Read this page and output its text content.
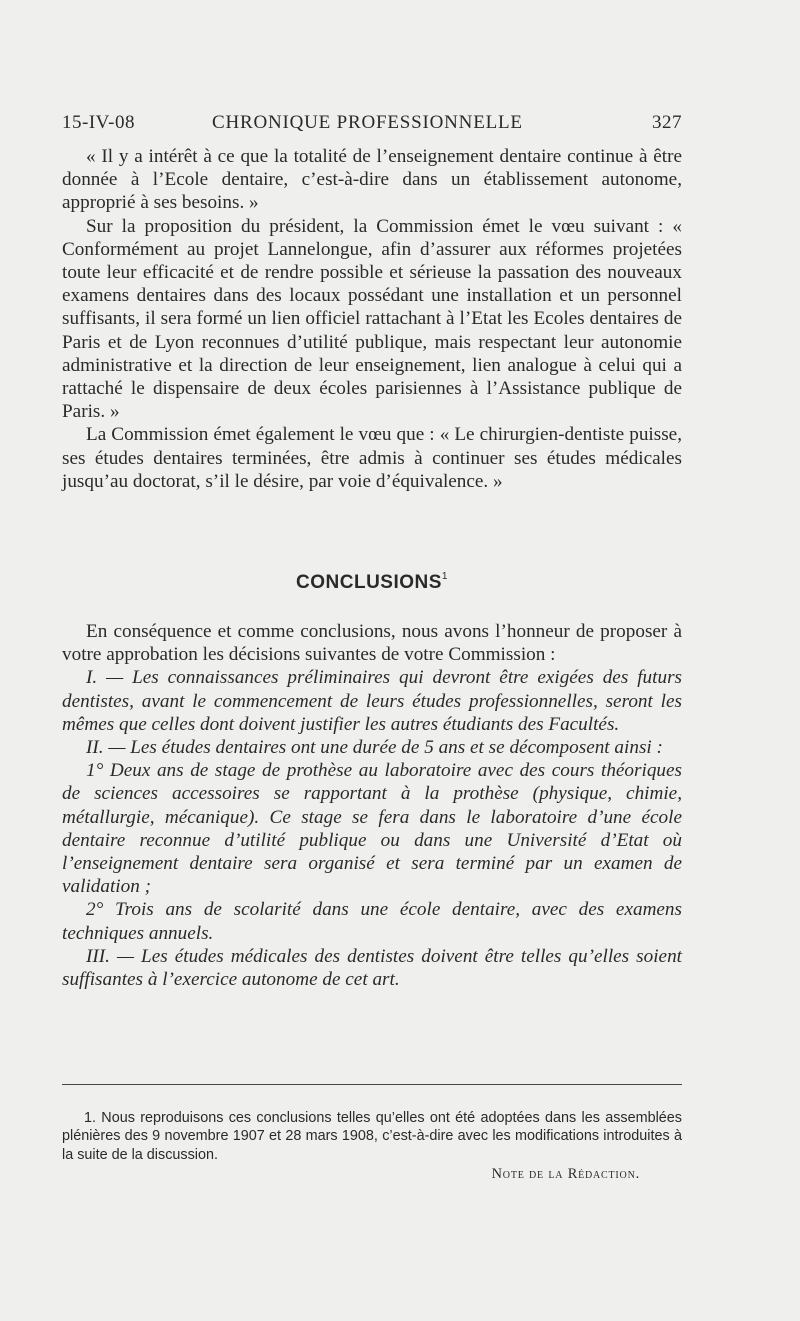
15-IV-08	CHRONIQUE PROFESSIONNELLE	327

« Il y a intérêt à ce que la totalité de l’enseignement dentaire continue à être donnée à l’Ecole dentaire, c’est-à-dire dans un établissement autonome, approprié à ses besoins. »

Sur la proposition du président, la Commission émet le vœu suivant : « Conformément au projet Lannelongue, afin d’assurer aux réformes projetées toute leur efficacité et de rendre possible et sérieuse la passation des nouveaux examens dentaires dans des locaux possédant une installation et un personnel suffisants, il sera formé un lien officiel rattachant à l’Etat les Ecoles dentaires de Paris et de Lyon reconnues d’utilité publique, mais respectant leur autonomie administrative et la direction de leur enseignement, lien analogue à celui qui a rattaché le dispensaire de deux écoles parisiennes à l’Assistance publique de Paris. »

La Commission émet également le vœu que : « Le chirurgien-dentiste puisse, ses études dentaires terminées, être admis à continuer ses études médicales jusqu’au doctorat, s’il le désire, par voie d’équivalence. »

CONCLUSIONS$^1$

En conséquence et comme conclusions, nous avons l’honneur de proposer à votre approbation les décisions suivantes de votre Commission :

I. — Les connaissances préliminaires qui devront être exigées des futurs dentistes, avant le commencement de leurs études professionnelles, seront les mêmes que celles dont doivent justifier les autres étudiants des Facultés.

II. — Les études dentaires ont une durée de 5 ans et se décomposent ainsi :

1° Deux ans de stage de prothèse au laboratoire avec des cours théoriques de sciences accessoires se rapportant à la prothèse (physique, chimie, métallurgie, mécanique). Ce stage se fera dans le laboratoire d’une école dentaire reconnue d’utilité publique ou dans une Université d’Etat où l’enseignement dentaire sera organisé et sera terminé par un examen de validation ;

2° Trois ans de scolarité dans une école dentaire, avec des examens techniques annuels.

III. — Les études médicales des dentistes doivent être telles qu’elles soient suffisantes à l’exercice autonome de cet art.

1. Nous reproduisons ces conclusions telles qu’elles ont été adoptées dans les assemblées plénières des 9 novembre 1907 et 28 mars 1908, c’est-à-dire avec les modifications introduites à la suite de la discussion.

Note de la Rédaction.
